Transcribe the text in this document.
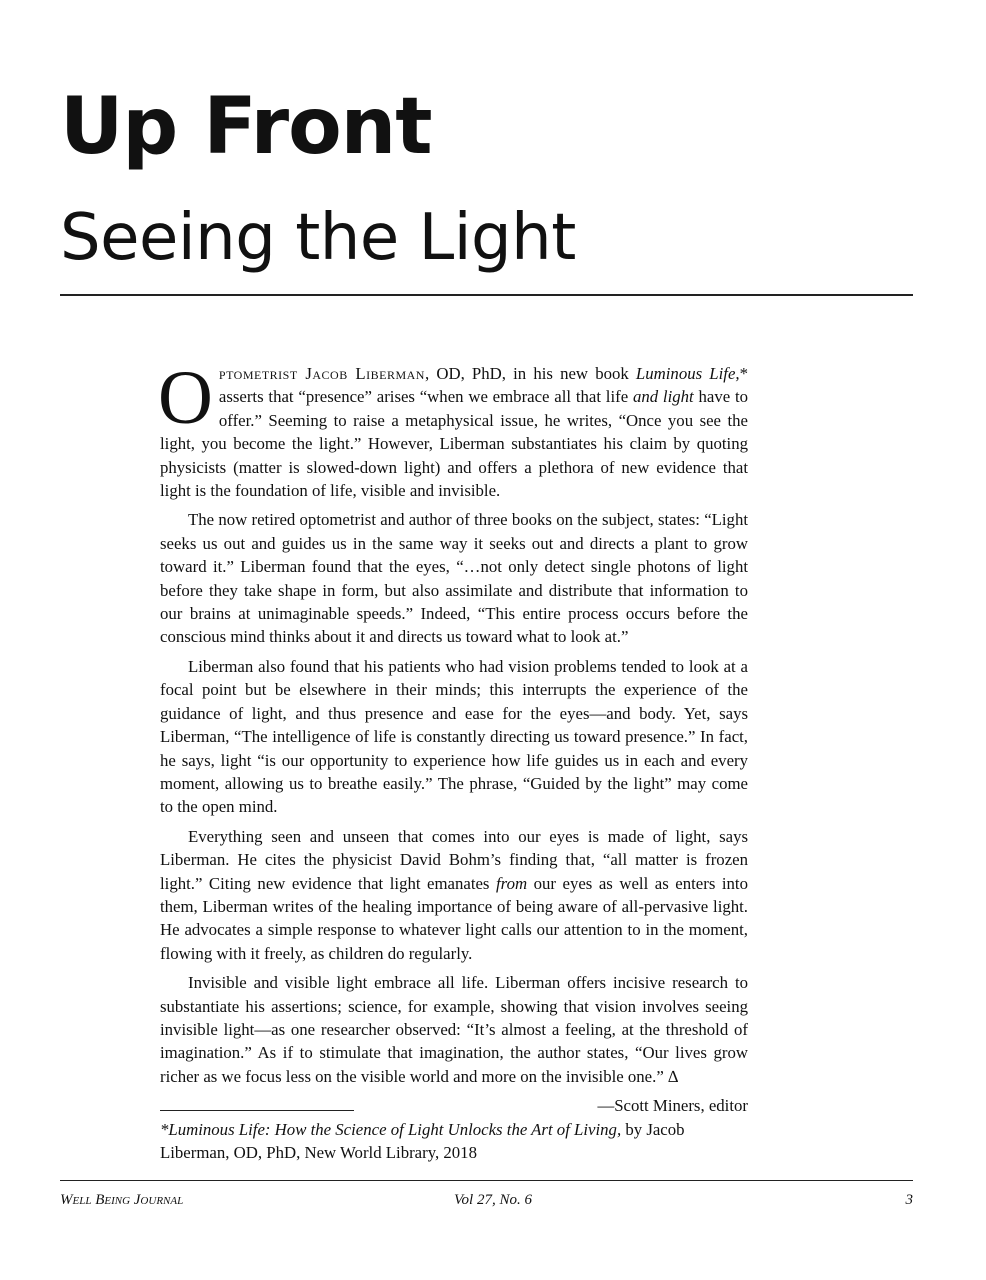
Up Front
Seeing the Light

Optometrist Jacob Liberman, OD, PhD, in his new book Luminous Life,* asserts that “presence” arises “when we embrace all that life and light have to offer.” Seeming to raise a metaphysical issue, he writes, “Once you see the light, you become the light.” However, Liberman substantiates his claim by quoting physicists (matter is slowed-down light) and offers a plethora of new evidence that light is the foundation of life, visible and invisible.

The now retired optometrist and author of three books on the subject, states: “Light seeks us out and guides us in the same way it seeks out and directs a plant to grow toward it.” Liberman found that the eyes, “…not only detect single photons of light before they take shape in form, but also assimilate and distribute that information to our brains at unimaginable speeds.” Indeed, “This entire process occurs before the conscious mind thinks about it and directs us toward what to look at.”

Liberman also found that his patients who had vision problems tended to look at a focal point but be elsewhere in their minds; this interrupts the experience of the guidance of light, and thus presence and ease for the eyes—and body. Yet, says Liberman, “The intelligence of life is constantly directing us toward presence.” In fact, he says, light “is our opportunity to experience how life guides us in each and every moment, allowing us to breathe easily.” The phrase, “Guided by the light” may come to the open mind.

Everything seen and unseen that comes into our eyes is made of light, says Liberman. He cites the physicist David Bohm’s finding that, “all matter is frozen light.” Citing new evidence that light emanates from our eyes as well as enters into them, Liberman writes of the healing importance of being aware of all-pervasive light. He advocates a simple response to whatever light calls our attention to in the moment, flowing with it freely, as children do regularly.

Invisible and visible light embrace all life. Liberman offers incisive research to substantiate his assertions; science, for example, showing that vision involves seeing invisible light—as one researcher observed: “It’s almost a feeling, at the threshold of imagination.” As if to stimulate that imagination, the author states, “Our lives grow richer as we focus less on the visible world and more on the invisible one.” ∆

—Scott Miners, editor

*Luminous Life: How the Science of Light Unlocks the Art of Living, by Jacob Liberman, OD, PhD, New World Library, 2018

Well Being Journal	Vol 27, No. 6	3
